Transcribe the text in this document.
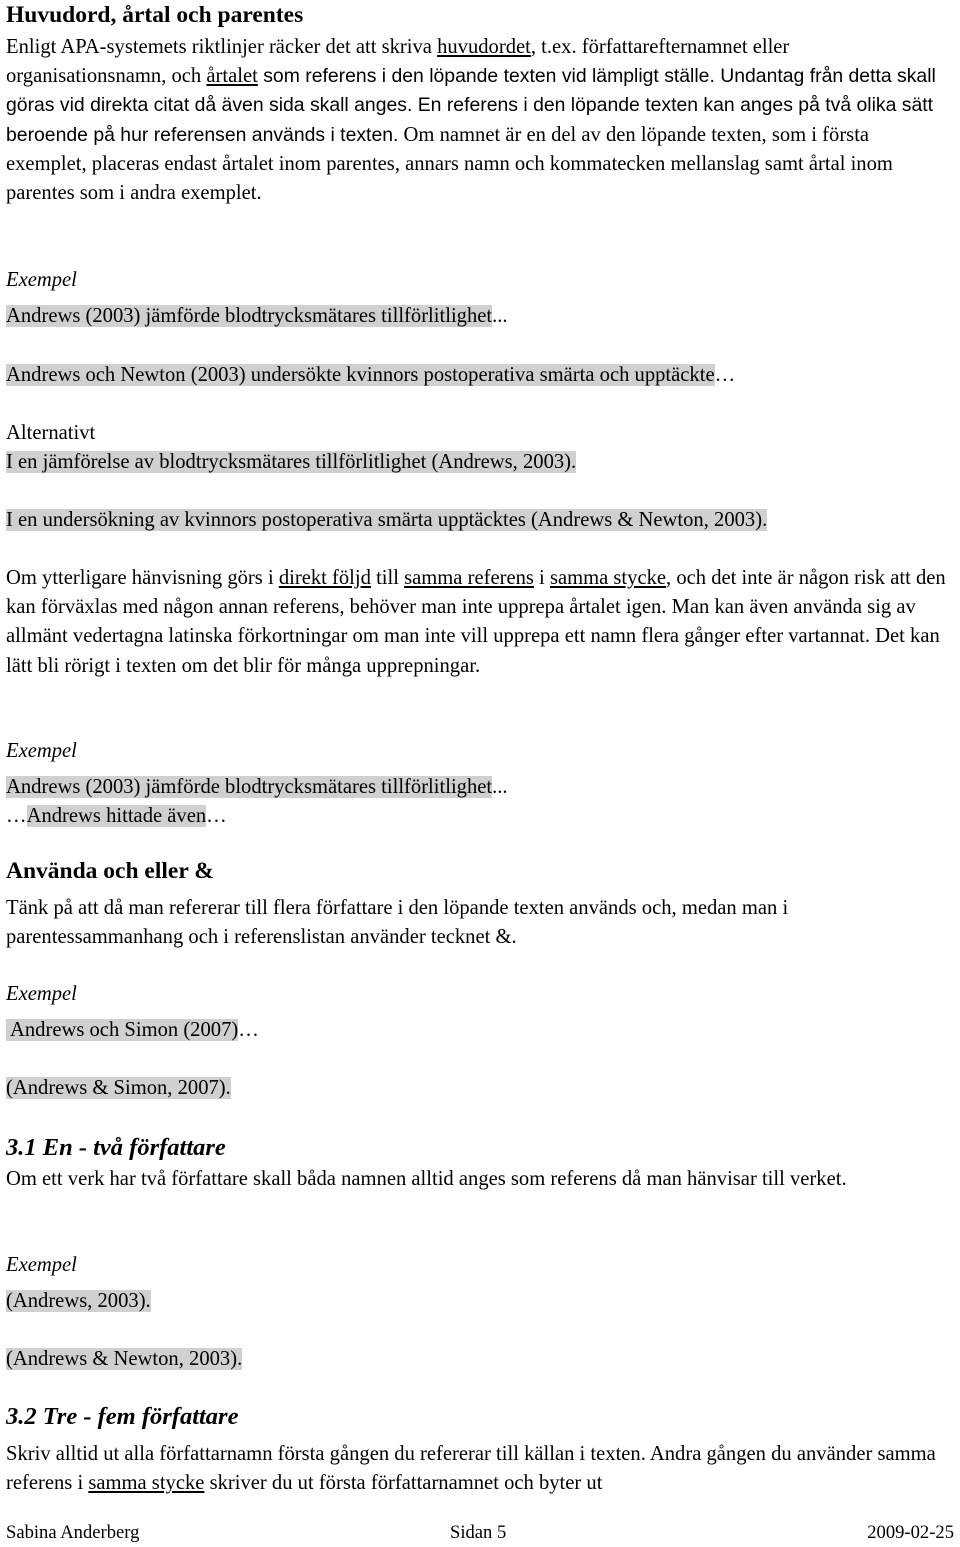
Huvudord, årtal och parentes

Enligt APA-systemets riktlinjer räcker det att skriva huvudordet, t.ex. författarefternamnet eller organisationsnamn, och årtalet som referens i den löpande texten vid lämpligt ställe. Undantag från detta skall göras vid direkta citat då även sida skall anges. En referens i den löpande texten kan anges på två olika sätt beroende på hur referensen används i texten. Om namnet är en del av den löpande texten, som i första exemplet, placeras endast årtalet inom parentes, annars namn och kommatecken mellanslag samt årtal inom parentes som i andra exemplet.

Exempel
Andrews (2003) jämförde blodtrycksmätares tillförlitlighet...
Andrews och Newton (2003) undersökte kvinnors postoperativa smärta och upptäckte…
Alternativt
I en jämförelse av blodtrycksmätares tillförlitlighet (Andrews, 2003).
I en undersökning av kvinnors postoperativa smärta upptäcktes (Andrews & Newton, 2003).

Om ytterligare hänvisning görs i direkt följd till samma referens i samma stycke, och det inte är någon risk att den kan förväxlas med någon annan referens, behöver man inte upprepa årtalet igen. Man kan även använda sig av allmänt vedertagna latinska förkortningar om man inte vill upprepa ett namn flera gånger efter vartannat. Det kan lätt bli rörigt i texten om det blir för många upprepningar.

Exempel
Andrews (2003) jämförde blodtrycksmätares tillförlitlighet...
…Andrews hittade även…
Använda och eller &

Tänk på att då man refererar till flera författare i den löpande texten används och, medan man i parentessammanhang och i referenslistan använder tecknet &.

Exempel
Andrews och Simon (2007)…
(Andrews & Simon, 2007).
3.1 En - två författare

Om ett verk har två författare skall båda namnen alltid anges som referens då man hänvisar till verket.

Exempel
(Andrews, 2003).
(Andrews & Newton, 2003).
3.2 Tre - fem författare

Skriv alltid ut alla författarnamn första gången du refererar till källan i texten. Andra gången du använder samma referens i samma stycke skriver du ut första författarnamnet och byter ut

Sabina Anderberg	Sidan 5	2009-02-25
